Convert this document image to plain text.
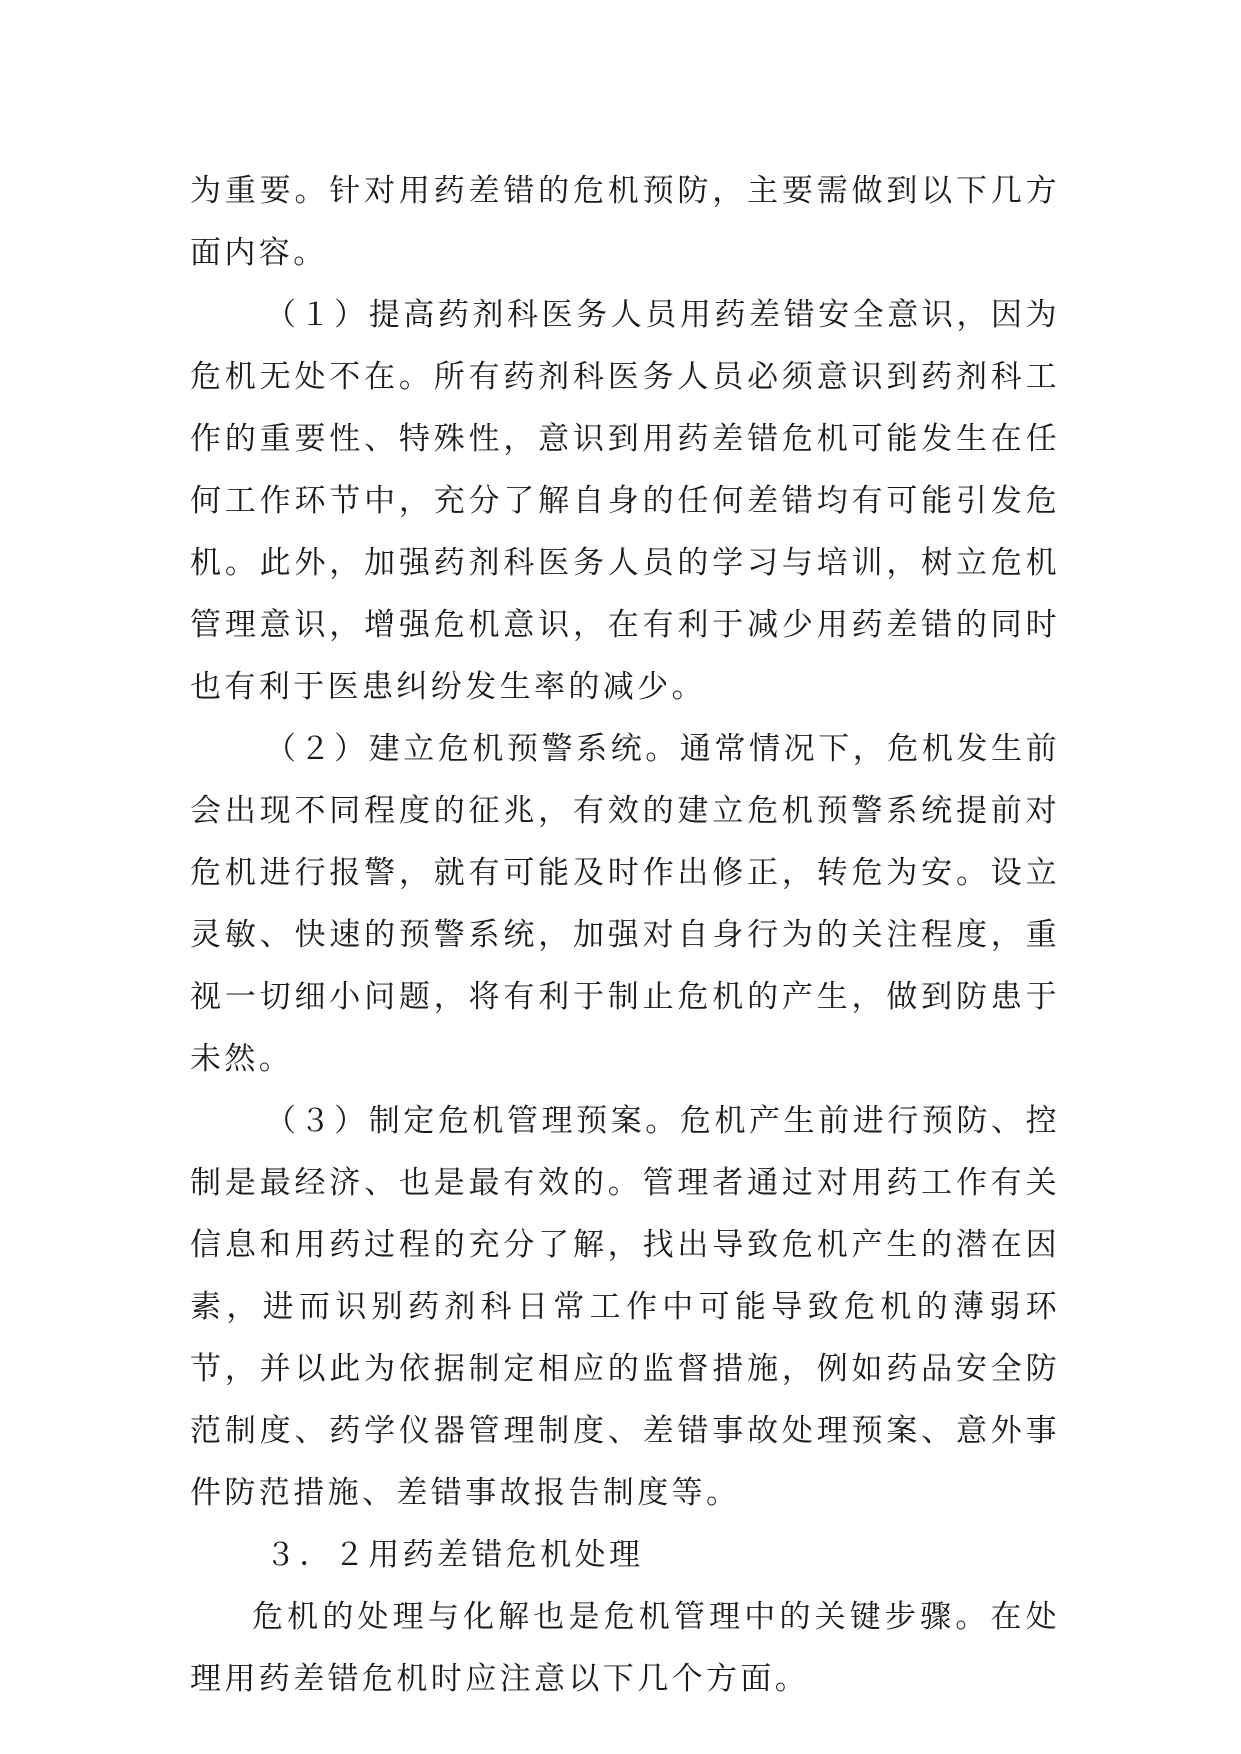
为重要。针对用药差错的危机预防，主要需做到以下几方面内容。

（１）提高药剂科医务人员用药差错安全意识，因为危机无处不在。所有药剂科医务人员必须意识到药剂科工作的重要性、特殊性，意识到用药差错危机可能发生在任何工作环节中，充分了解自身的任何差错均有可能引发危机。此外，加强药剂科医务人员的学习与培训，树立危机管理意识，增强危机意识，在有利于减少用药差错的同时也有利于医患纠纷发生率的减少。

（２）建立危机预警系统。通常情况下，危机发生前会出现不同程度的征兆，有效的建立危机预警系统提前对危机进行报警，就有可能及时作出修正，转危为安。设立灵敏、快速的预警系统，加强对自身行为的关注程度，重视一切细小问题，将有利于制止危机的产生，做到防患于未然。

（３）制定危机管理预案。危机产生前进行预防、控制是最经济、也是最有效的。管理者通过对用药工作有关信息和用药过程的充分了解，找出导致危机产生的潜在因素，进而识别药剂科日常工作中可能导致危机的薄弱环节，并以此为依据制定相应的监督措施，例如药品安全防范制度、药学仪器管理制度、差错事故处理预案、意外事件防范措施、差错事故报告制度等。

３．２用药差错危机处理

危机的处理与化解也是危机管理中的关键步骤。在处理用药差错危机时应注意以下几个方面。
